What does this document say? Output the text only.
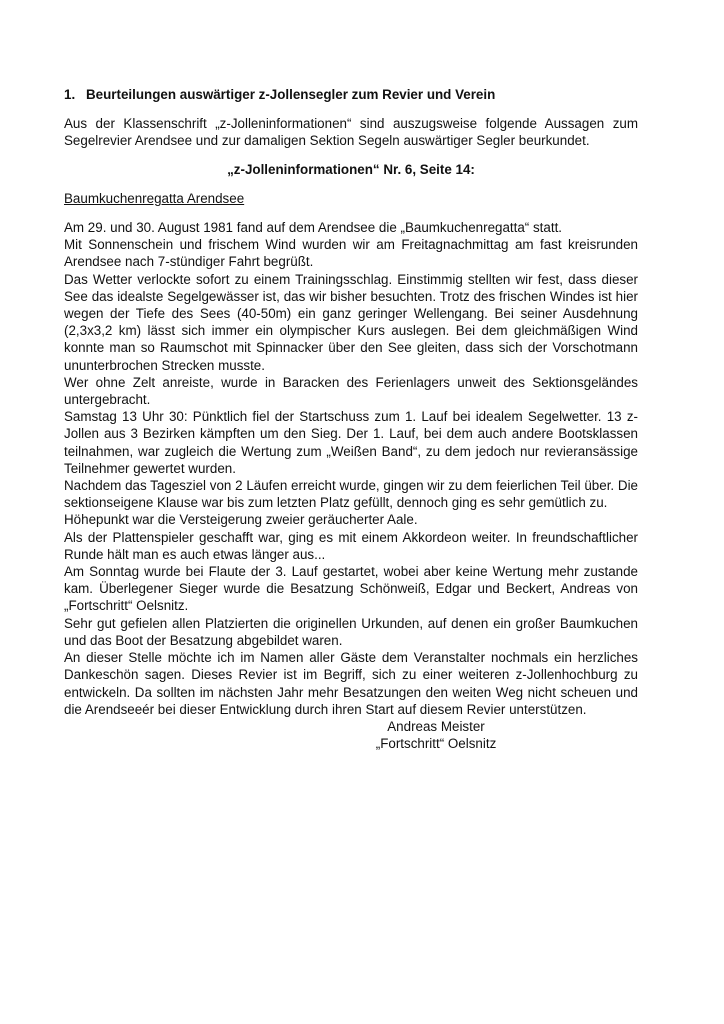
1. Beurteilungen auswärtiger z-Jollensegler zum Revier und Verein

Aus der Klassenschrift „z-Jolleninformationen“ sind auszugsweise folgende Aussagen zum Segelrevier Arendsee und zur damaligen Sektion Segeln auswärtiger Segler beurkundet.

„z-Jolleninformationen“ Nr. 6, Seite 14:
Baumkuchenregatta Arendsee

Am 29. und 30. August 1981 fand auf dem Arendsee die „Baumkuchenregatta“ statt.

Mit Sonnenschein und frischem Wind wurden wir am Freitagnachmittag am fast kreisrunden Arendsee nach 7-stündiger Fahrt begrüßt.

Das Wetter verlockte sofort zu einem Trainingsschlag. Einstimmig stellten wir fest, dass dieser See das idealste Segelgewässer ist, das wir bisher besuchten. Trotz des frischen Windes ist hier wegen der Tiefe des Sees (40-50m) ein ganz geringer Wellengang. Bei seiner Ausdehnung (2,3x3,2 km) lässt sich immer ein olympischer Kurs auslegen. Bei dem gleichmäßigen Wind konnte man so Raumschot mit Spinnacker über den See gleiten, dass sich der Vorschotmann ununterbrochen Strecken musste.

Wer ohne Zelt anreiste, wurde in Baracken des Ferienlagers unweit des Sektionsgeländes untergebracht.

Samstag 13 Uhr 30: Pünktlich fiel der Startschuss zum 1. Lauf bei idealem Segelwetter. 13 z-Jollen aus 3 Bezirken kämpften um den Sieg. Der 1. Lauf, bei dem auch andere Bootsklassen teilnahmen, war zugleich die Wertung zum „Weißen Band“, zu dem jedoch nur revieransässige Teilnehmer gewertet wurden.

Nachdem das Tagesziel von 2 Läufen erreicht wurde, gingen wir zu dem feierlichen Teil über. Die sektionseigene Klause war bis zum letzten Platz gefüllt, dennoch ging es sehr gemütlich zu.

Höhepunkt war die Versteigerung zweier geräucherter Aale.

Als der Plattenspieler geschafft war, ging es mit einem Akkordeon weiter. In freundschaftlicher Runde hält man es auch etwas länger aus...

Am Sonntag wurde bei Flaute der 3. Lauf gestartet, wobei aber keine Wertung mehr zustande kam. Überlegener Sieger wurde die Besatzung Schönweiß, Edgar und Beckert, Andreas von „Fortschritt“ Oelsnitz.

Sehr gut gefielen allen Platzierten die originellen Urkunden, auf denen ein großer Baumkuchen und das Boot der Besatzung abgebildet waren.

An dieser Stelle möchte ich im Namen aller Gäste dem Veranstalter nochmals ein herzliches Dankeschön sagen. Dieses Revier ist im Begriff, sich zu einer weiteren z-Jollenhochburg zu entwickeln. Da sollten im nächsten Jahr mehr Besatzungen den weiten Weg nicht scheuen und die Arendseeér bei dieser Entwicklung durch ihren Start auf diesem Revier unterstützen.

Andreas Meister
„Fortschritt“ Oelsnitz
